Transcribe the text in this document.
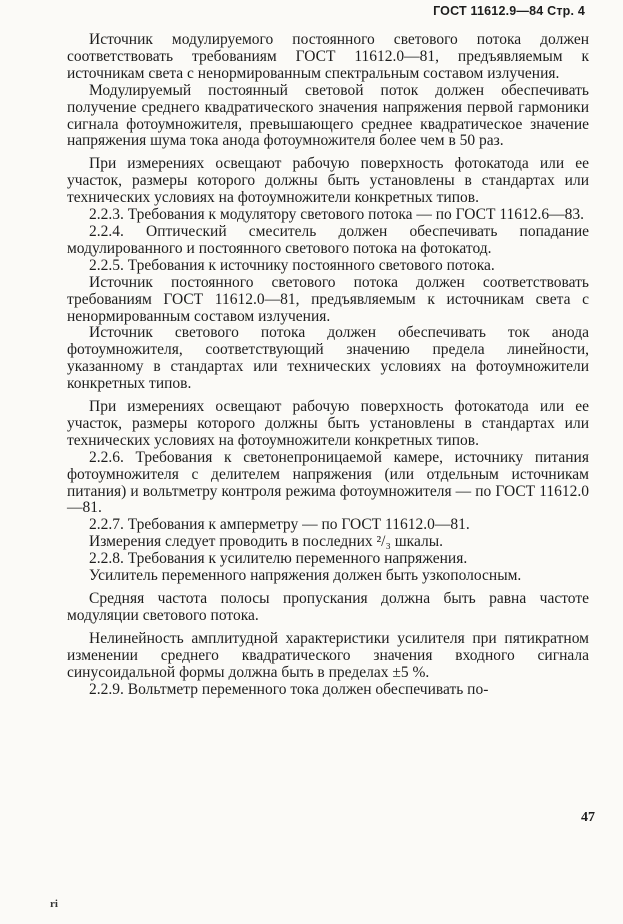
ГОСТ 11612.9—84 Стр. 4

Источник модулируемого постоянного светового потока должен соответствовать требованиям ГОСТ 11612.0—81, предъявляемым к источникам света с ненормированным спектральным составом излучения.

Модулируемый постоянный световой поток должен обеспечивать получение среднего квадратического значения напряжения первой гармоники сигнала фотоумножителя, превышающего среднее квадратическое значение напряжения шума тока анода фотоумножителя более чем в 50 раз.

При измерениях освещают рабочую поверхность фотокатода или ее участок, размеры которого должны быть установлены в стандартах или технических условиях на фотоумножители конкретных типов.

2.2.3. Требования к модулятору светового потока — по ГОСТ 11612.6—83.

2.2.4. Оптический смеситель должен обеспечивать попадание модулированного и постоянного светового потока на фотокатод.

2.2.5. Требования к источнику постоянного светового потока.

Источник постоянного светового потока должен соответствовать требованиям ГОСТ 11612.0—81, предъявляемым к источникам света с ненормированным составом излучения.

Источник светового потока должен обеспечивать ток анода фотоумножителя, соответствующий значению предела линейности, указанному в стандартах или технических условиях на фотоумножители конкретных типов.

При измерениях освещают рабочую поверхность фотокатода или ее участок, размеры которого должны быть установлены в стандартах или технических условиях на фотоумножители конкретных типов.

2.2.6. Требования к светонепроницаемой камере, источнику питания фотоумножителя с делителем напряжения (или отдельным источникам питания) и вольтметру контроля режима фотоумножителя — по ГОСТ 11612.0—81.

2.2.7. Требования к амперметру — по ГОСТ 11612.0—81.

Измерения следует проводить в последних ²/₃ шкалы.

2.2.8. Требования к усилителю переменного напряжения.

Усилитель переменного напряжения должен быть узкополосным.

Средняя частота полосы пропускания должна быть равна частоте модуляции светового потока.

Нелинейность амплитудной характеристики усилителя при пятикратном изменении среднего квадратического значения входного сигнала синусоидальной формы должна быть в пределах ±5 %.

2.2.9. Вольтметр переменного тока должен обеспечивать по-

47
ri
